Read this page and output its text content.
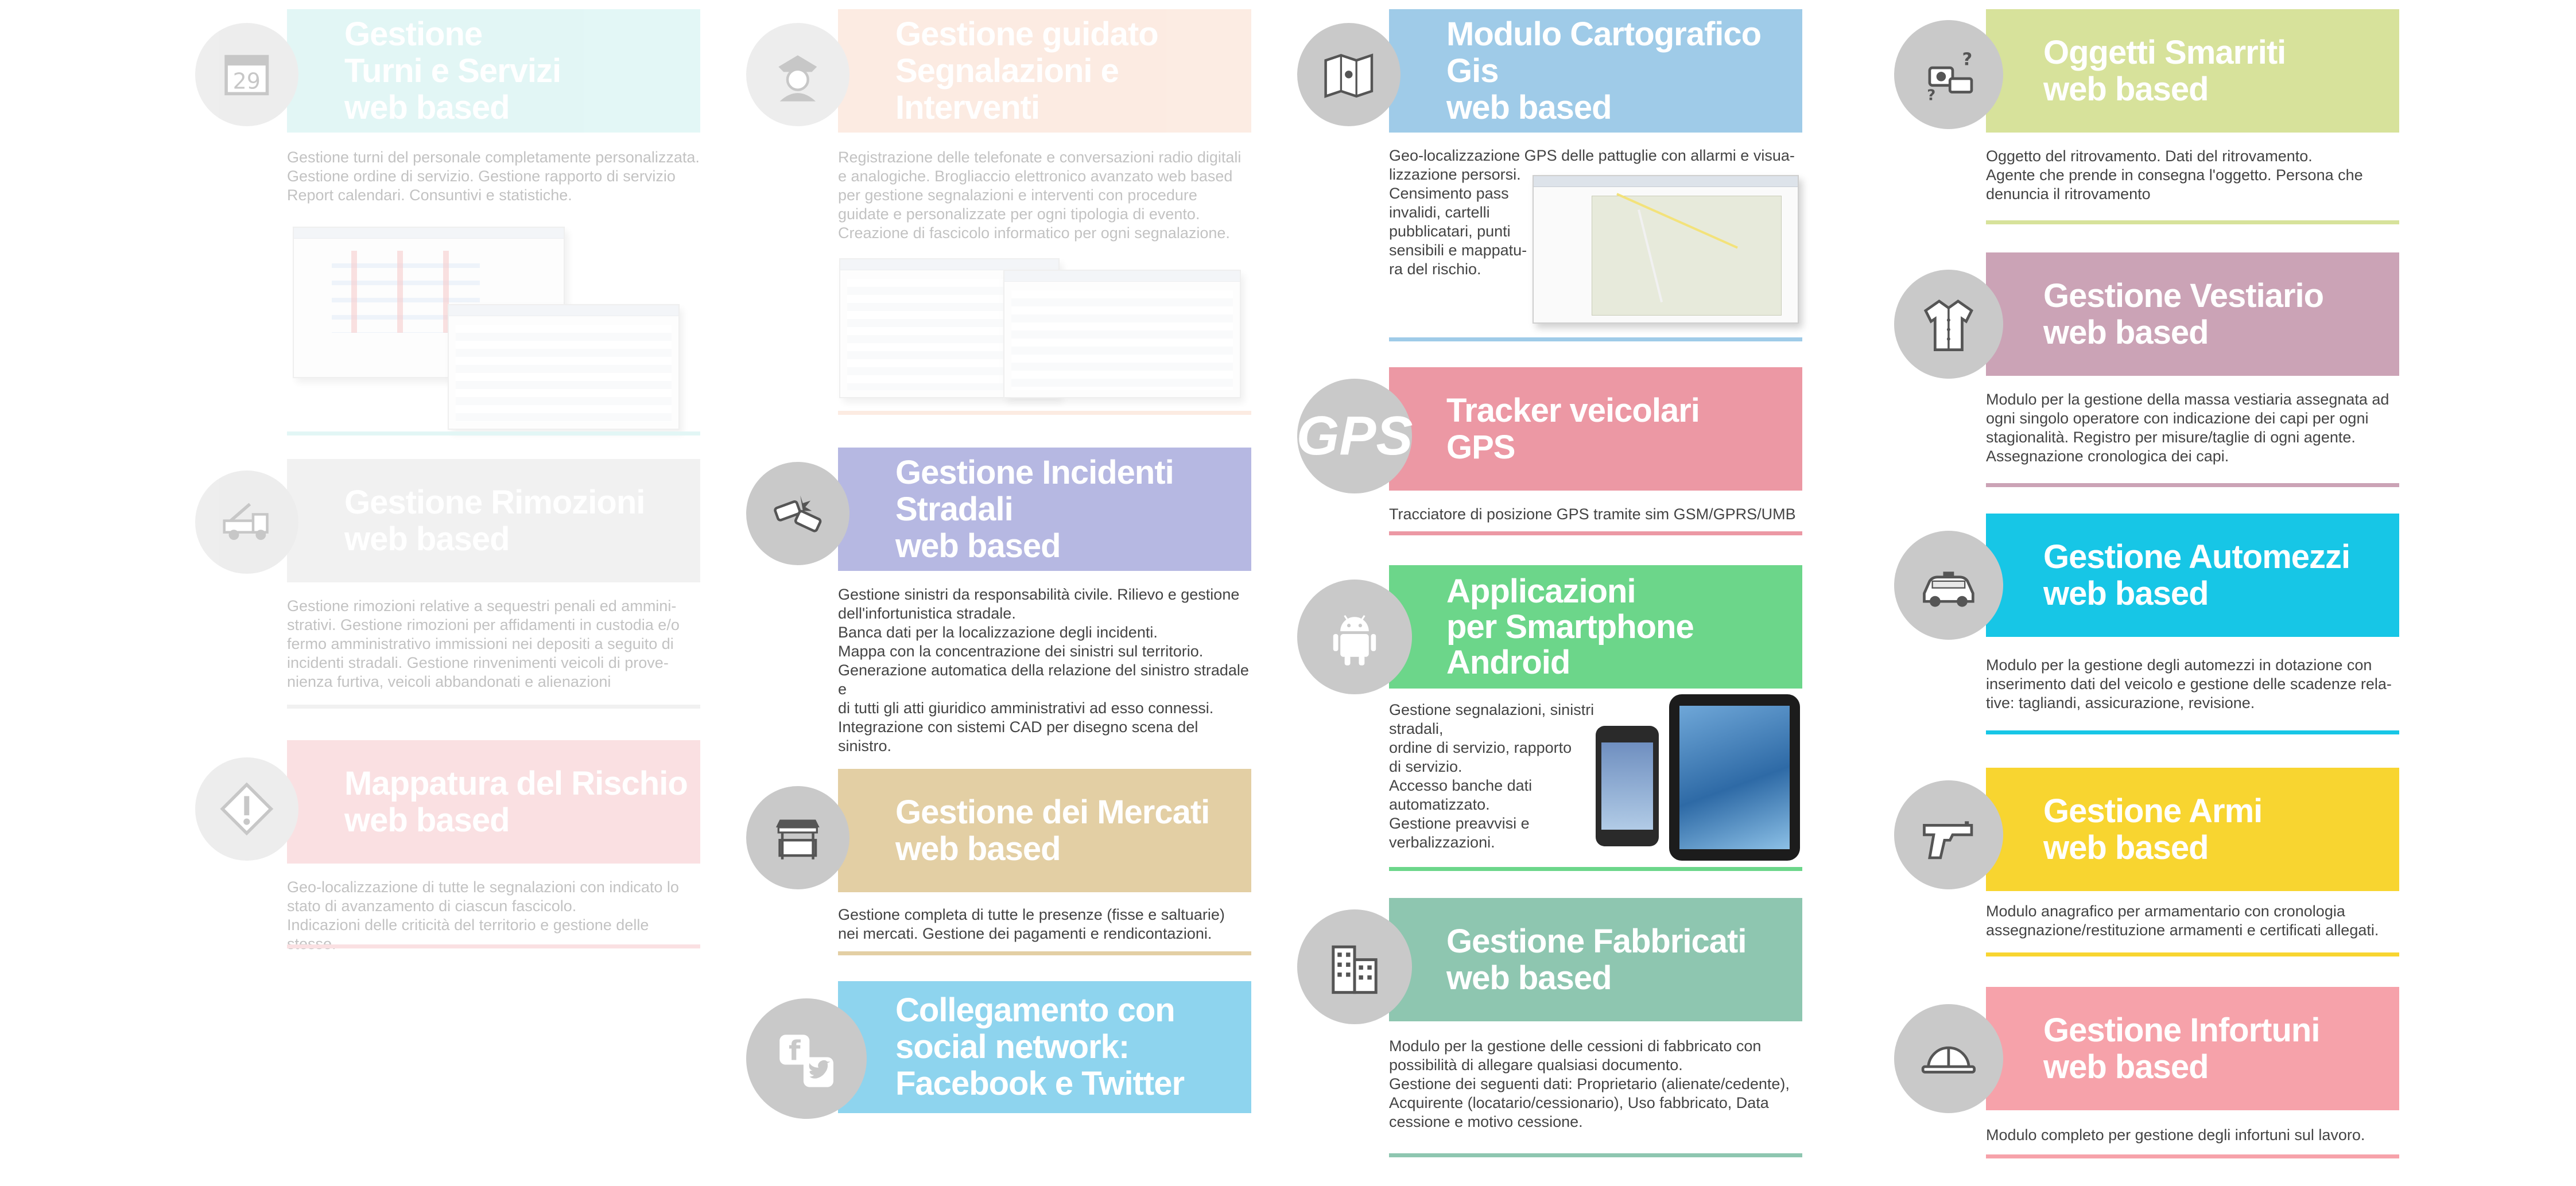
29
Gestione
Turni e Servizi
web based
Gestione turni del personale completamente personalizzata.
Gestione ordine di servizio. Gestione rapporto di servizio
Report calendari. Consuntivi e statistiche.
Gestione Rimozioni
web based
Gestione rimozioni relative a sequestri penali ed ammini-
strativi. Gestione rimozioni per affidamenti in custodia e/o
fermo amministrativo immissioni nei depositi a seguito di
incidenti stradali. Gestione rinvenimenti veicoli di prove-
nienza furtiva, veicoli abbandonati e alienazioni
Mappatura del Rischio
web based
Geo-localizzazione di tutte le segnalazioni con indicato lo
stato di avanzamento di ciascun fascicolo.
Indicazioni delle criticità del territorio e gestione delle stesse.
Gestione guidato
Segnalazioni e Interventi
Registrazione delle telefonate e conversazioni radio digitali
e analogiche. Brogliaccio elettronico avanzato web based
per gestione segnalazioni e interventi con procedure
guidate e personalizzate per ogni tipologia di evento.
Creazione di fascicolo informatico per ogni segnalazione.
Gestione Incidenti Stradali
web based
Gestione sinistri da responsabilità civile. Rilievo e gestione
dell'infortunistica stradale.
Banca dati per la localizzazione degli incidenti.
Mappa con la concentrazione dei sinistri sul territorio.
Generazione automatica della relazione del sinistro stradale e
di tutti gli atti giuridico amministrativi ad esso connessi.
Integrazione con sistemi CAD per disegno scena del sinistro.
Gestione dei Mercati
web based
Gestione completa di tutte le presenze (fisse e saltuarie)
nei mercati. Gestione dei pagamenti e rendicontazioni.
f
Collegamento con
social network:
Facebook e Twitter
Modulo Cartografico Gis
web based
Geo-localizzazione GPS delle pattuglie con allarmi e visua-
lizzazione persorsi.
Censimento pass
invalidi, cartelli
pubblicatari, punti
sensibili e mappatu-
ra del rischio.
GPS Tracker veicolari
GPS
Tracciatore di posizione GPS tramite sim GSM/GPRS/UMB
Applicazioni
per Smartphone
Android
Gestione segnalazioni, sinistri stradali,
ordine di servizio, rapporto
di servizio.
Accesso banche dati
automatizzato.
Gestione preavvisi e
verbalizzazioni.
Gestione Fabbricati
web based
Modulo per la gestione delle cessioni di fabbricato con
possibilità di allegare qualsiasi documento.
Gestione dei seguenti dati: Proprietario (alienate/cedente),
Acquirente (locatario/cessionario), Uso fabbricato, Data
cessione e motivo cessione.
?
?
Oggetti Smarriti
web based
Oggetto del ritrovamento. Dati del ritrovamento.
Agente che prende in consegna l'oggetto. Persona che
denuncia il ritrovamento
Gestione Vestiario
web based
Modulo per la gestione della massa vestiaria assegnata ad
ogni singolo operatore con indicazione dei capi per ogni
stagionalità. Registro per misure/taglie di ogni agente.
Assegnazione cronologica dei capi.
Gestione Automezzi
web based
Modulo per la gestione degli automezzi in dotazione con
inserimento dati del veicolo e gestione delle scadenze rela-
tive: tagliandi, assicurazione, revisione.
Gestione Armi
web based
Modulo anagrafico per armamentario con cronologia
assegnazione/restituzione armamenti e certificati allegati.
Gestione Infortuni
web based
Modulo completo per gestione degli infortuni sul lavoro.
